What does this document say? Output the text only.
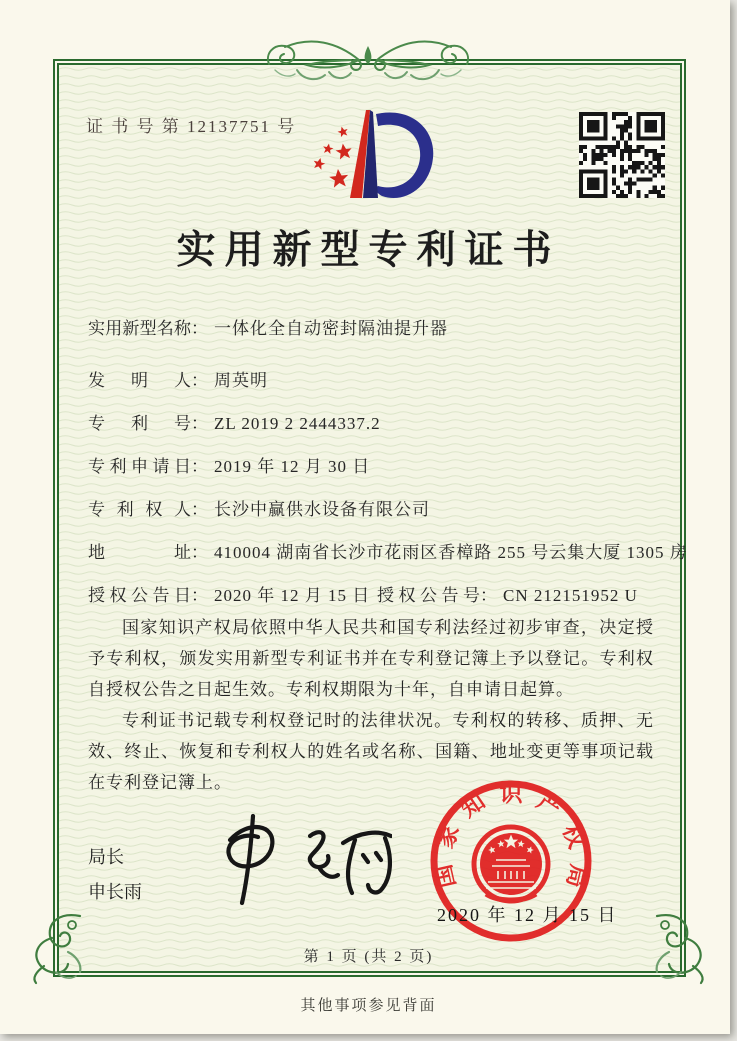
证 书 号 第 12137751 号
实用新型专利证书
实用新型名称： 一体化全自动密封隔油提升器
发明人： 周英明
专利号： ZL 2019 2 2444337.2
专利申请日： 2019 年 12 月 30 日
专利权人： 长沙中赢供水设备有限公司
地址： 410004 湖南省长沙市花雨区香樟路 255 号云集大厦 1305 房
授权公告日： 2020 年 12 月 15 日 授权公告号： CN 212151952 U

国家知识产权局依照中华人民共和国专利法经过初步审查，决定授予专利权，颁发实用新型专利证书并在专利登记簿上予以登记。专利权自授权公告之日起生效。专利权期限为十年，自申请日起算。

专利证书记载专利权登记时的法律状况。专利权的转移、质押、无效、终止、恢复和专利权人的姓名或名称、国籍、地址变更等事项记载在专利登记簿上。

局长
申长雨
国家知识产权局
2020 年 12 月 15 日
第 1 页 (共 2 页)
其他事项参见背面
